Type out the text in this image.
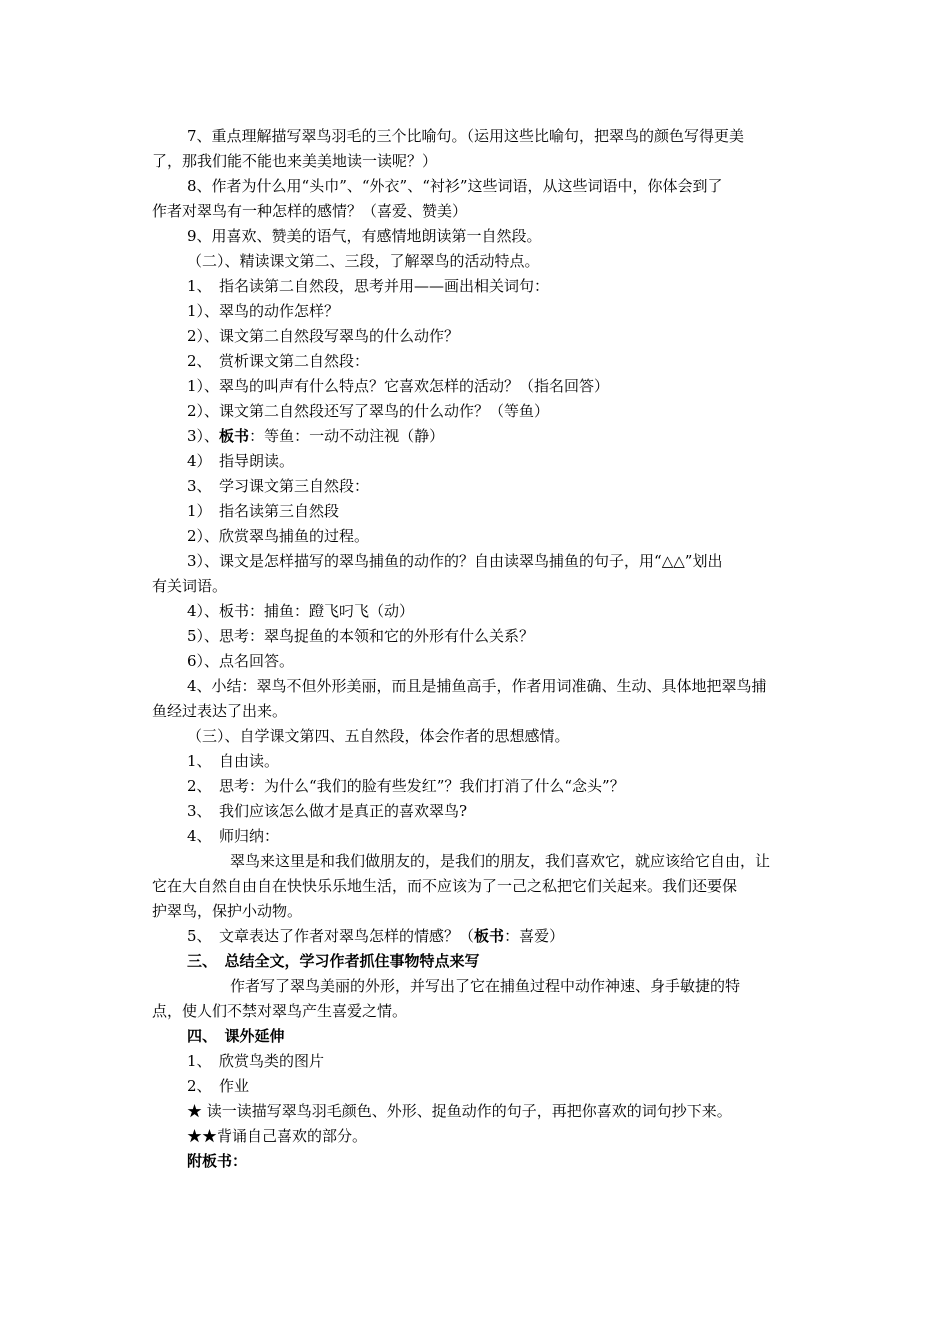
7、重点理解描写翠鸟羽毛的三个比喻句。（运用这些比喻句，把翠鸟的颜色写得更美
了，那我们能不能也来美美地读一读呢？）
8、作者为什么用“头巾”、“外衣”、“衬衫”这些词语，从这些词语中，你体会到了
作者对翠鸟有一种怎样的感情？（喜爱、赞美）
9、用喜欢、赞美的语气，有感情地朗读第一自然段。
（二）、精读课文第二、三段，了解翠鸟的活动特点。
1、　指名读第二自然段，思考并用——画出相关词句：
1）、翠鸟的动作怎样？
2）、课文第二自然段写翠鸟的什么动作？
2、　赏析课文第二自然段：
1）、翠鸟的叫声有什么特点？它喜欢怎样的活动？（指名回答）
2）、课文第二自然段还写了翠鸟的什么动作？（等鱼）
3）、板书：等鱼：一动不动注视（静）
4）　指导朗读。
3、　学习课文第三自然段：
1）　指名读第三自然段
2）、欣赏翠鸟捕鱼的过程。
3）、课文是怎样描写的翠鸟捕鱼的动作的？自由读翠鸟捕鱼的句子，用“△△”划出
有关词语。
4）、板书：捕鱼：蹬飞叼飞（动）
5）、思考：翠鸟捉鱼的本领和它的外形有什么关系？
6）、点名回答。
4、小结：翠鸟不但外形美丽，而且是捕鱼高手，作者用词准确、生动、具体地把翠鸟捕
鱼经过表达了出来。
（三）、自学课文第四、五自然段，体会作者的思想感情。
1、　自由读。
2、　思考：为什么“我们的脸有些发红”？我们打消了什么“念头”？
3、　我们应该怎么做才是真正的喜欢翠鸟?
4、　师归纳：
翠鸟来这里是和我们做朋友的，是我们的朋友，我们喜欢它，就应该给它自由，让
它在大自然自由自在快快乐乐地生活，而不应该为了一己之私把它们关起来。我们还要保
护翠鸟，保护小动物。
5、　文章表达了作者对翠鸟怎样的情感？（板书：喜爱）
三、　总结全文，学习作者抓住事物特点来写
作者写了翠鸟美丽的外形，并写出了它在捕鱼过程中动作神速、身手敏捷的特
点，使人们不禁对翠鸟产生喜爱之情。
四、　课外延伸
1、　欣赏鸟类的图片
2、　作业
★ 读一读描写翠鸟羽毛颜色、外形、捉鱼动作的句子，再把你喜欢的词句抄下来。
★★背诵自己喜欢的部分。
附板书：
